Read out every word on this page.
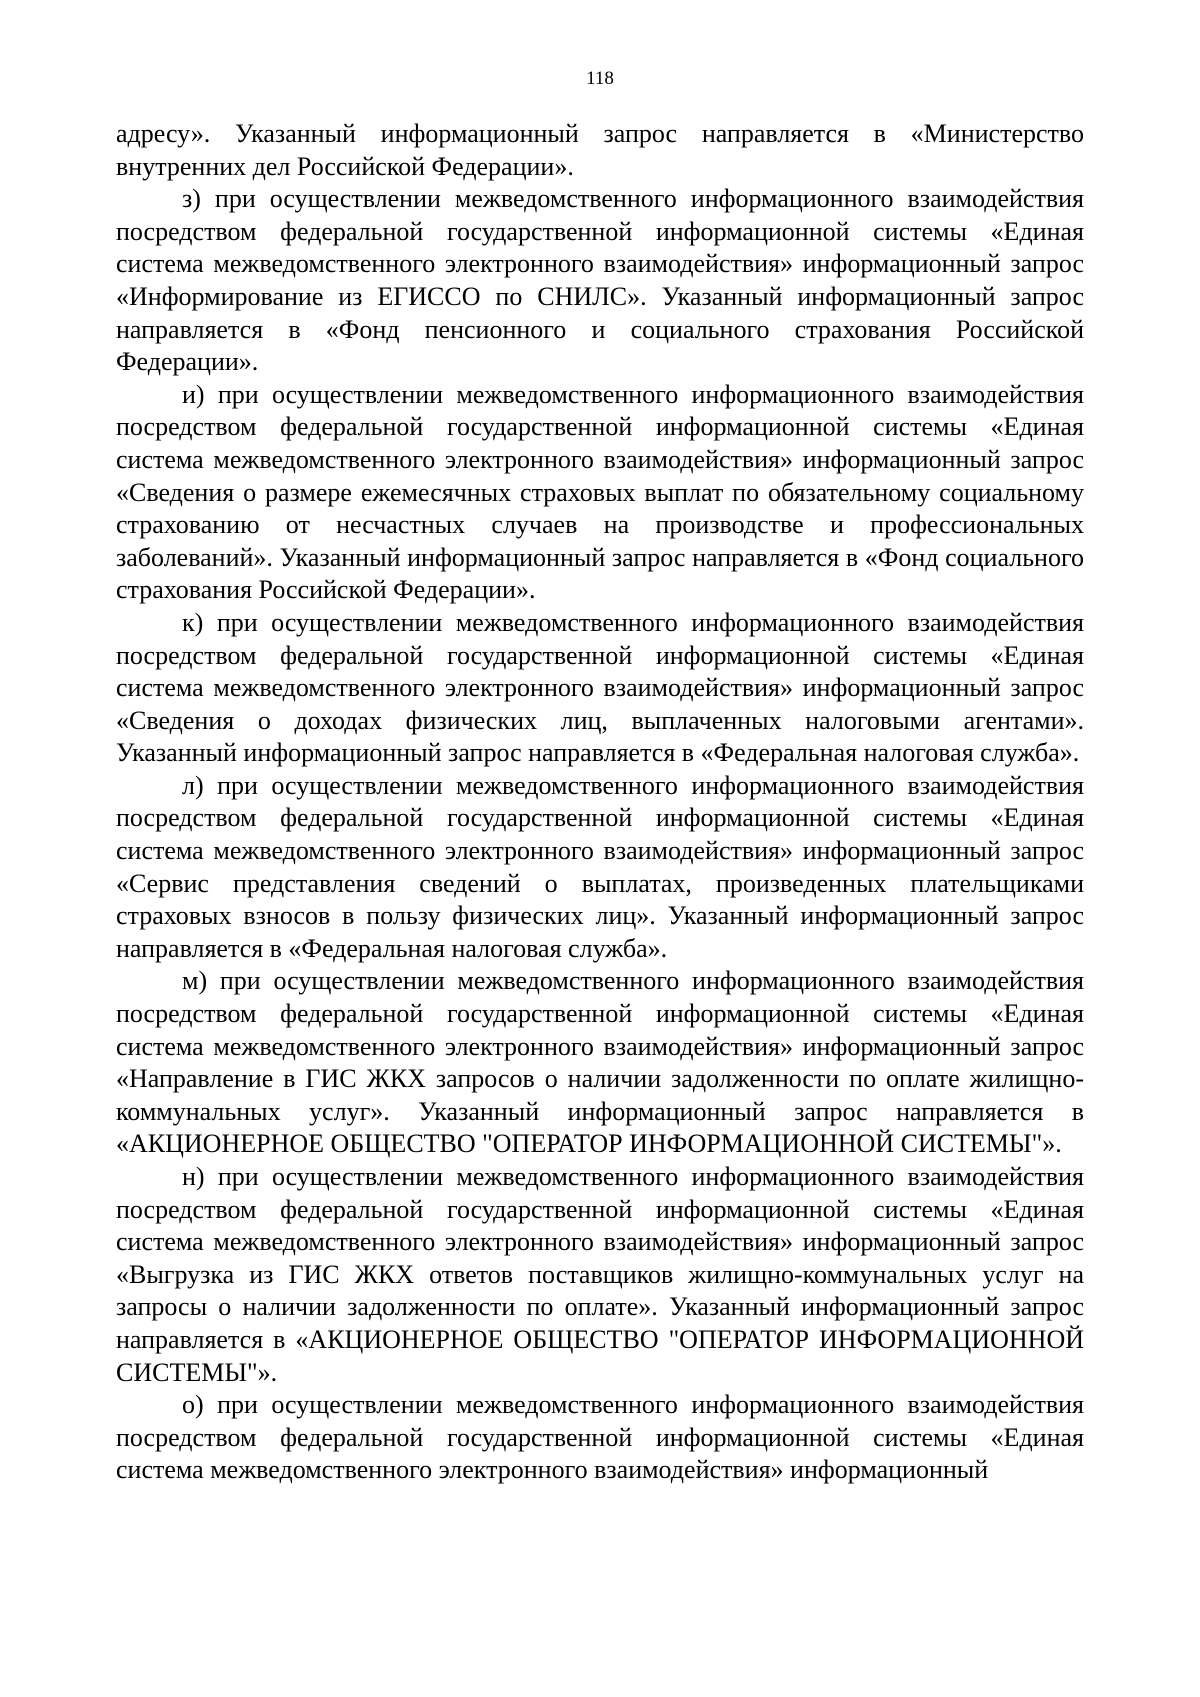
118

адресу». Указанный информационный запрос направляется в «Министерство внутренних дел Российской Федерации».

з) при осуществлении межведомственного информационного взаимодействия посредством федеральной государственной информационной системы «Единая система межведомственного электронного взаимодействия» информационный запрос «Информирование из ЕГИССО по СНИЛС». Указанный информационный запрос направляется в «Фонд пенсионного и социального страхования Российской Федерации».

и) при осуществлении межведомственного информационного взаимодействия посредством федеральной государственной информационной системы «Единая система межведомственного электронного взаимодействия» информационный запрос «Сведения о размере ежемесячных страховых выплат по обязательному социальному страхованию от несчастных случаев на производстве и профессиональных заболеваний». Указанный информационный запрос направляется в «Фонд социального страхования Российской Федерации».

к) при осуществлении межведомственного информационного взаимодействия посредством федеральной государственной информационной системы «Единая система межведомственного электронного взаимодействия» информационный запрос «Сведения о доходах физических лиц, выплаченных налоговыми агентами». Указанный информационный запрос направляется в «Федеральная налоговая служба».

л) при осуществлении межведомственного информационного взаимодействия посредством федеральной государственной информационной системы «Единая система межведомственного электронного взаимодействия» информационный запрос «Сервис представления сведений о выплатах, произведенных плательщиками страховых взносов в пользу физических лиц». Указанный информационный запрос направляется в «Федеральная налоговая служба».

м) при осуществлении межведомственного информационного взаимодействия посредством федеральной государственной информационной системы «Единая система межведомственного электронного взаимодействия» информационный запрос «Направление в ГИС ЖКХ запросов о наличии задолженности по оплате жилищно-коммунальных услуг». Указанный информационный запрос направляется в «АКЦИОНЕРНОЕ ОБЩЕСТВО "ОПЕРАТОР ИНФОРМАЦИОННОЙ СИСТЕМЫ"».

н) при осуществлении межведомственного информационного взаимодействия посредством федеральной государственной информационной системы «Единая система межведомственного электронного взаимодействия» информационный запрос «Выгрузка из ГИС ЖКХ ответов поставщиков жилищно-коммунальных услуг на запросы о наличии задолженности по оплате». Указанный информационный запрос направляется в «АКЦИОНЕРНОЕ ОБЩЕСТВО "ОПЕРАТОР ИНФОРМАЦИОННОЙ СИСТЕМЫ"».

о) при осуществлении межведомственного информационного взаимодействия посредством федеральной государственной информационной системы «Единая система межведомственного электронного взаимодействия» информационный
